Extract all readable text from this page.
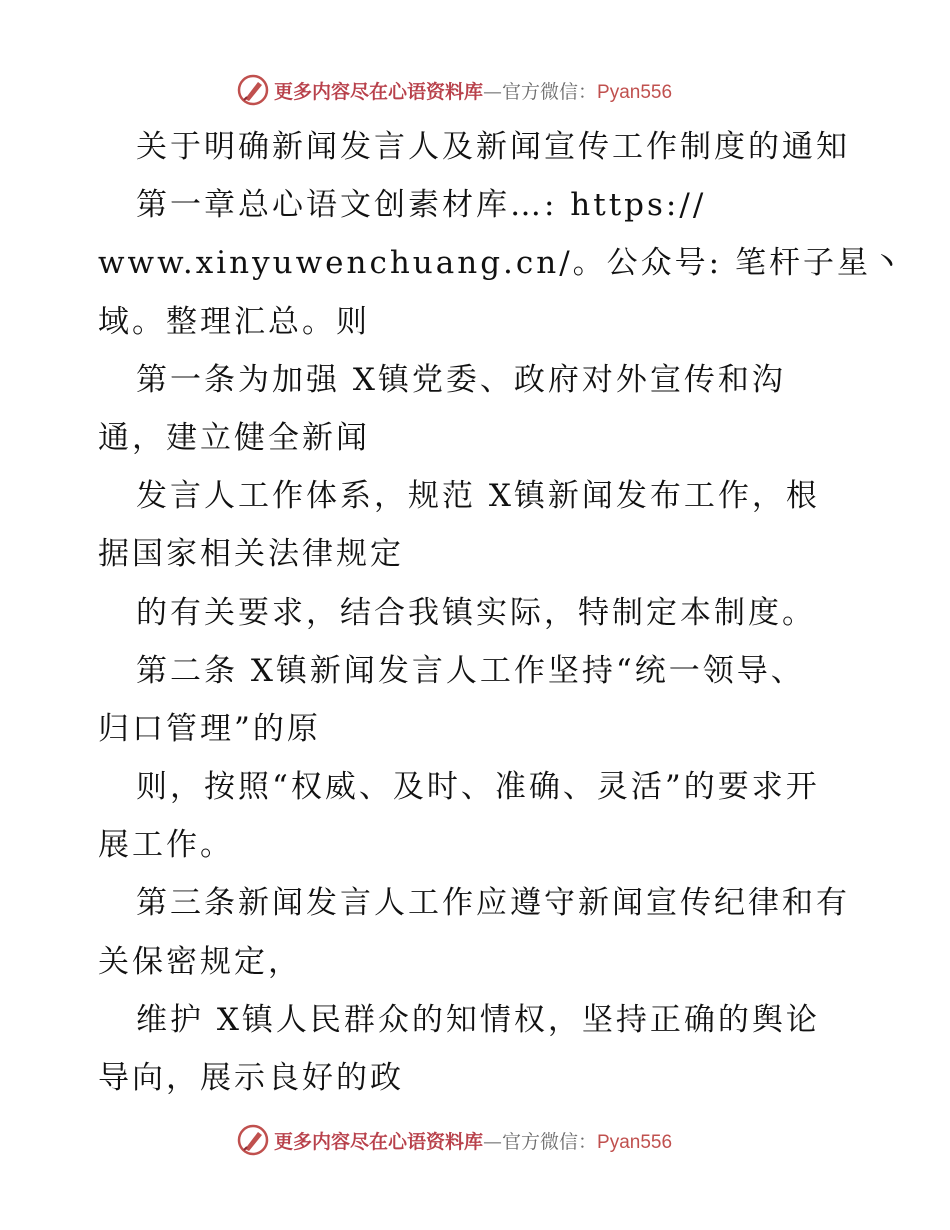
更多内容尽在心语资料库—官方微信：Pyan556
关于明确新闻发言人及新闻宣传工作制度的通知
第一章总心语文创素材库…: https://
www.xinyuwenchuang.cn/。公众号: 笔杆子星丶
域。整理汇总。则
第一条为加强 X镇党委、政府对外宣传和沟
通，建立健全新闻
发言人工作体系，规范 X镇新闻发布工作，根
据国家相关法律规定
的有关要求，结合我镇实际，特制定本制度。
第二条 X镇新闻发言人工作坚持“统一领导、
归口管理”的原
则，按照“权威、及时、准确、灵活”的要求开
展工作。
第三条新闻发言人工作应遵守新闻宣传纪律和有
关保密规定，
维护 X镇人民群众的知情权，坚持正确的舆论
导向，展示良好的政
更多内容尽在心语资料库—官方微信：Pyan556
